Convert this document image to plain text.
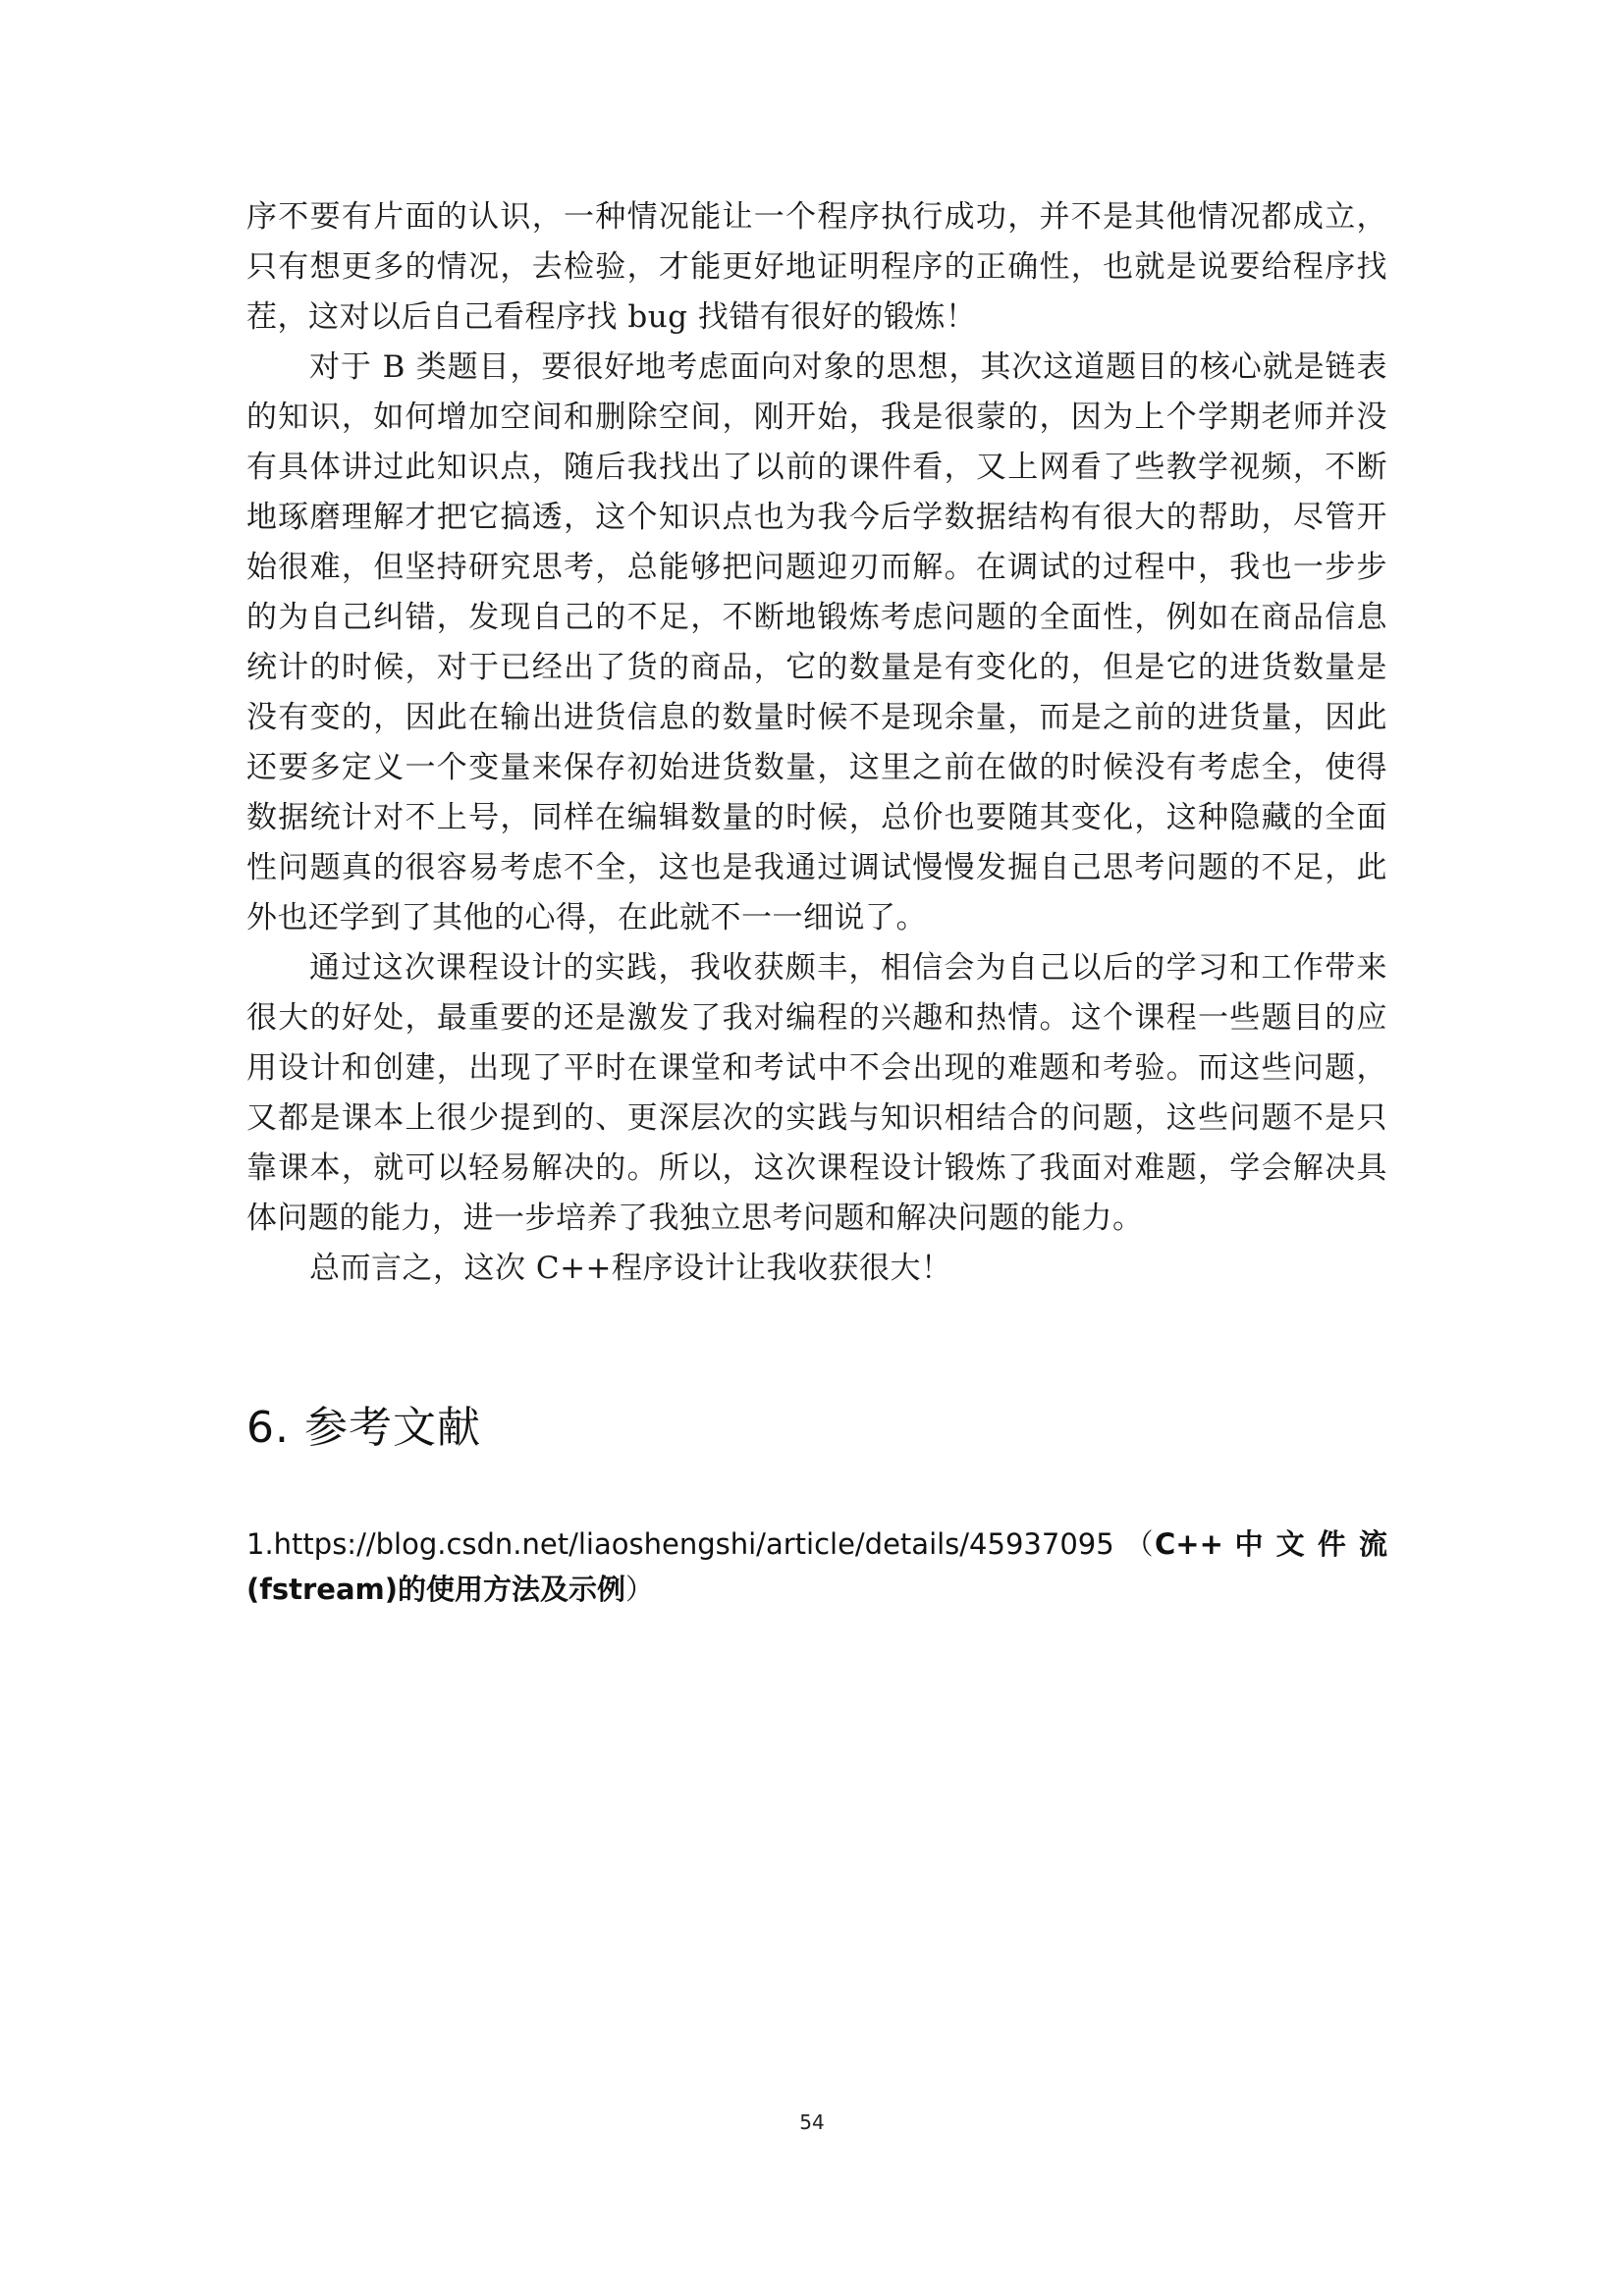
序不要有片面的认识，一种情况能让一个程序执行成功，并不是其他情况都成立，只有想更多的情况，去检验，才能更好地证明程序的正确性，也就是说要给程序找茬，这对以后自己看程序找 bug 找错有很好的锻炼！

对于 B 类题目，要很好地考虑面向对象的思想，其次这道题目的核心就是链表的知识，如何增加空间和删除空间，刚开始，我是很蒙的，因为上个学期老师并没有具体讲过此知识点，随后我找出了以前的课件看，又上网看了些教学视频，不断地琢磨理解才把它搞透，这个知识点也为我今后学数据结构有很大的帮助，尽管开始很难，但坚持研究思考，总能够把问题迎刃而解。在调试的过程中，我也一步步的为自己纠错，发现自己的不足，不断地锻炼考虑问题的全面性，例如在商品信息统计的时候，对于已经出了货的商品，它的数量是有变化的，但是它的进货数量是没有变的，因此在输出进货信息的数量时候不是现余量，而是之前的进货量，因此还要多定义一个变量来保存初始进货数量，这里之前在做的时候没有考虑全，使得数据统计对不上号，同样在编辑数量的时候，总价也要随其变化，这种隐藏的全面性问题真的很容易考虑不全，这也是我通过调试慢慢发掘自己思考问题的不足，此外也还学到了其他的心得，在此就不一一细说了。

通过这次课程设计的实践，我收获颇丰，相信会为自己以后的学习和工作带来很大的好处，最重要的还是激发了我对编程的兴趣和热情。这个课程一些题目的应用设计和创建，出现了平时在课堂和考试中不会出现的难题和考验。而这些问题，又都是课本上很少提到的、更深层次的实践与知识相结合的问题，这些问题不是只靠课本，就可以轻易解决的。所以，这次课程设计锻炼了我面对难题，学会解决具体问题的能力，进一步培养了我独立思考问题和解决问题的能力。

总而言之，这次 C++程序设计让我收获很大！

6. 参考文献

1.https://blog.csdn.net/liaoshengshi/article/details/45937095 （C++ 中 文 件 流 (fstream)的使用方法及示例）

54
